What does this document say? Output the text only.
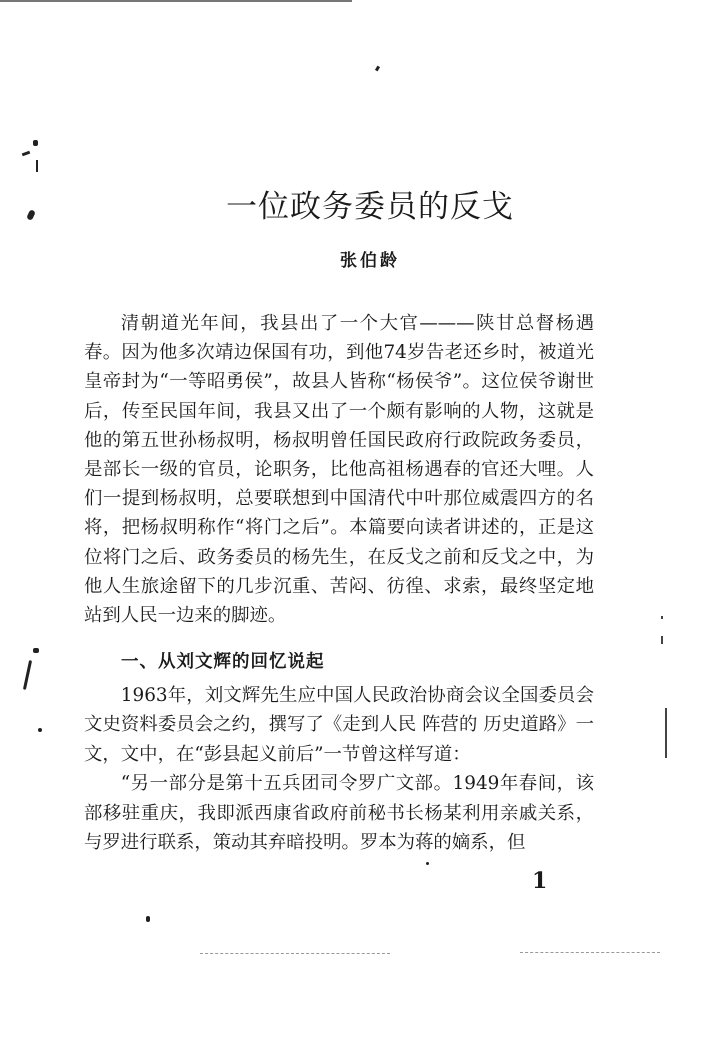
一位政务委员的反戈
张伯龄

清朝道光年间，我县出了一个大官———陕甘总督杨遇春。因为他多次靖边保国有功，到他74岁告老还乡时，被道光皇帝封为“一等昭勇侯”，故县人皆称“杨侯爷”。这位侯爷谢世后，传至民国年间，我县又出了一个颇有影响的人物，这就是他的第五世孙杨叔明，杨叔明曾任国民政府行政院政务委员，是部长一级的官员，论职务，比他高祖杨遇春的官还大哩。人们一提到杨叔明，总要联想到中国清代中叶那位威震四方的名将，把杨叔明称作“将门之后”。本篇要向读者讲述的，正是这位将门之后、政务委员的杨先生，在反戈之前和反戈之中，为他人生旅途留下的几步沉重、苦闷、彷徨、求索，最终坚定地站到人民一边来的脚迹。

一、从刘文辉的回忆说起

1963年，刘文辉先生应中国人民政治协商会议全国委员会文史资料委员会之约，撰写了《走到人民 阵营的 历史道路》一文，文中，在“彭县起义前后”一节曾这样写道：

“另一部分是第十五兵团司令罗广文部。1949年春间，该部移驻重庆，我即派西康省政府前秘书长杨某利用亲戚关系，与罗进行联系，策动其弃暗投明。罗本为蒋的嫡系，但

1
